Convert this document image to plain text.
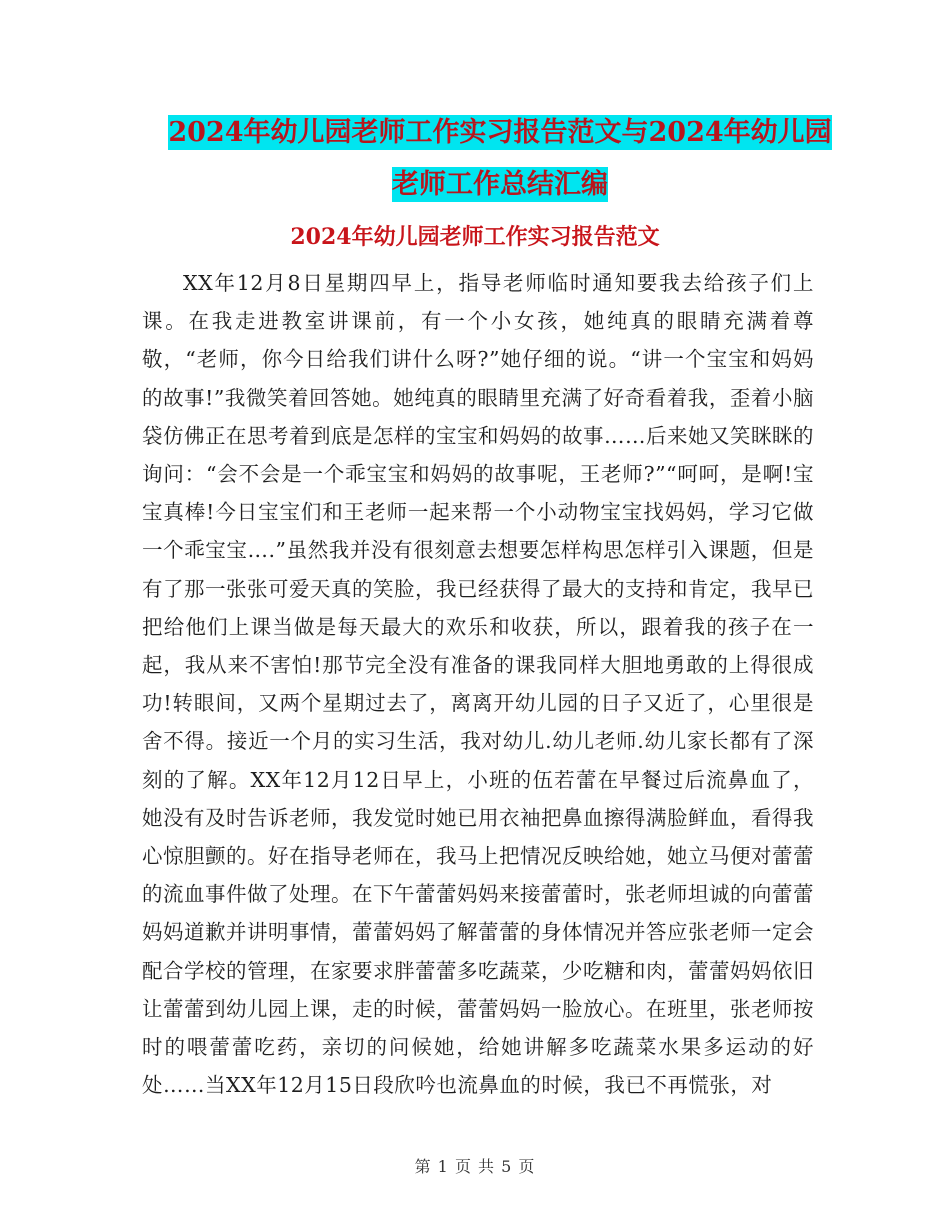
2024年幼儿园老师工作实习报告范文与2024年幼儿园
老师工作总结汇编
2024年幼儿园老师工作实习报告范文

XX年12月8日星期四早上，指导老师临时通知要我去给孩子们上课。在我走进教室讲课前，有一个小女孩，她纯真的眼睛充满着尊敬，“老师，你今日给我们讲什么呀?”她仔细的说。“讲一个宝宝和妈妈的故事!”我微笑着回答她。她纯真的眼睛里充满了好奇看着我，歪着小脑袋仿佛正在思考着到底是怎样的宝宝和妈妈的故事……后来她又笑眯眯的询问：“会不会是一个乖宝宝和妈妈的故事呢，王老师?”“呵呵，是啊!宝宝真棒!今日宝宝们和王老师一起来帮一个小动物宝宝找妈妈，学习它做一个乖宝宝….”虽然我并没有很刻意去想要怎样构思怎样引入课题，但是有了那一张张可爱天真的笑脸，我已经获得了最大的支持和肯定，我早已把给他们上课当做是每天最大的欢乐和收获，所以，跟着我的孩子在一起，我从来不害怕!那节完全没有准备的课我同样大胆地勇敢的上得很成功!转眼间，又两个星期过去了，离离开幼儿园的日子又近了，心里很是舍不得。接近一个月的实习生活，我对幼儿.幼儿老师.幼儿家长都有了深刻的了解。XX年12月12日早上，小班的伍若蕾在早餐过后流鼻血了，她没有及时告诉老师，我发觉时她已用衣袖把鼻血擦得满脸鲜血，看得我心惊胆颤的。好在指导老师在，我马上把情况反映给她，她立马便对蕾蕾的流血事件做了处理。在下午蕾蕾妈妈来接蕾蕾时，张老师坦诚的向蕾蕾妈妈道歉并讲明事情，蕾蕾妈妈了解蕾蕾的身体情况并答应张老师一定会配合学校的管理，在家要求胖蕾蕾多吃蔬菜，少吃糖和肉，蕾蕾妈妈依旧让蕾蕾到幼儿园上课，走的时候，蕾蕾妈妈一脸放心。在班里，张老师按时的喂蕾蕾吃药，亲切的问候她，给她讲解多吃蔬菜水果多运动的好处……当XX年12月15日段欣吟也流鼻血的时候，我已不再慌张，对

第 1 页 共 5 页
